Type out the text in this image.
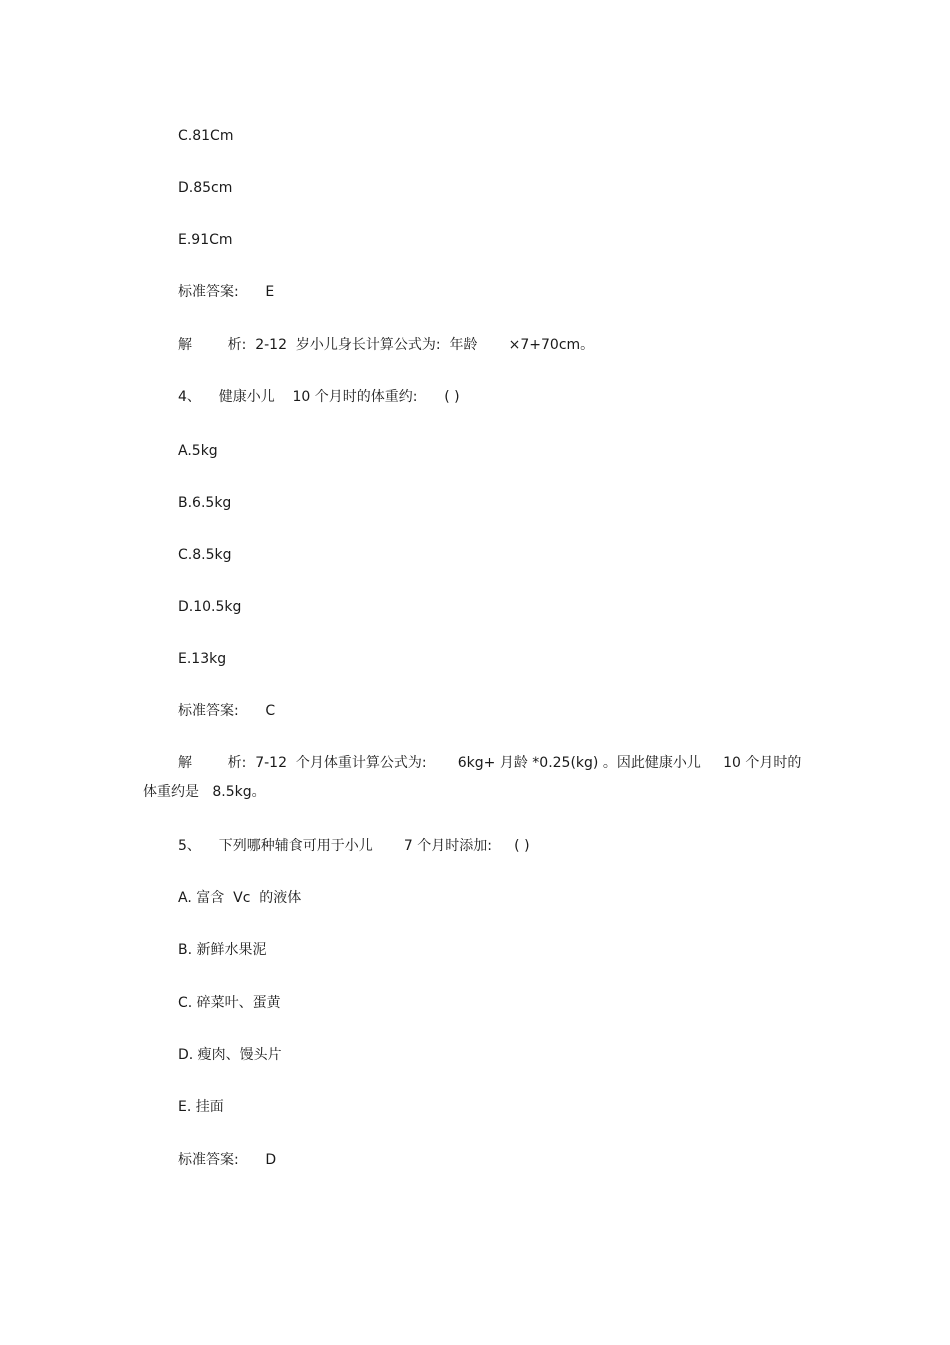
C.81Cm
D.85cm
E.91Cm
标准答案:      E
解        析:  2-12  岁小儿身长计算公式为:  年龄       ×7+70cm。
4、    健康小儿    10 个月时的体重约:      ( )
A.5kg
B.6.5kg
C.8.5kg
D.10.5kg
E.13kg
标准答案:      C
解        析:  7-12  个月体重计算公式为:       6kg+ 月龄 *0.25(kg) 。因此健康小儿     10 个月时的
体重约是   8.5kg。
5、    下列哪种辅食可用于小儿       7 个月时添加:     ( )
A. 富含  Vc  的液体
B. 新鲜水果泥
C. 碎菜叶、蛋黄
D. 瘦肉、馒头片
E. 挂面
标准答案:      D
